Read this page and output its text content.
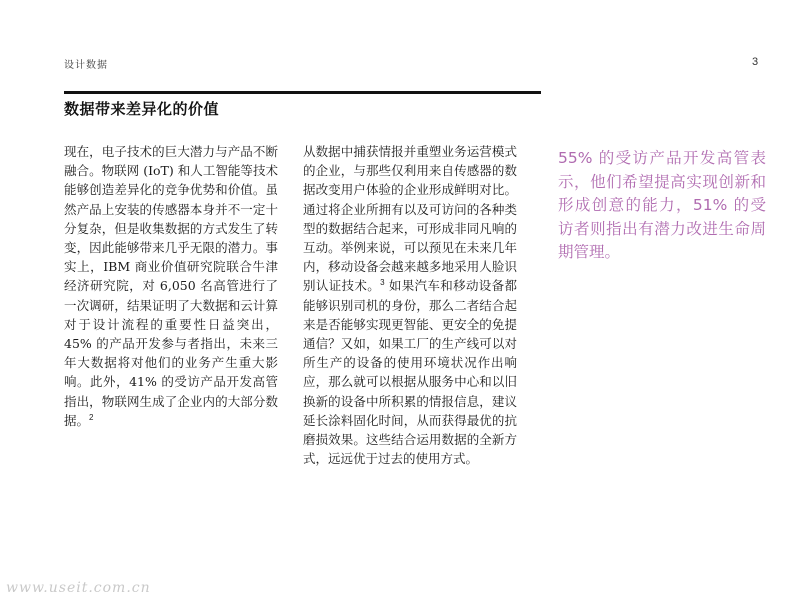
设计数据	3
数据带来差异化的价值
现在，电子技术的巨大潜力与产品不断融合。物联网 (IoT) 和人工智能等技术能够创造差异化的竞争优势和价值。虽然产品上安装的传感器本身并不一定十分复杂，但是收集数据的方式发生了转变，因此能够带来几乎无限的潜力。事实上，IBM 商业价值研究院联合牛津经济研究院，对 6,050 名高管进行了一次调研，结果证明了大数据和云计算对于设计流程的重要性日益突出，45% 的产品开发参与者指出，未来三年大数据将对他们的业务产生重大影响。此外，41% 的受访产品开发高管指出，物联网生成了企业内的大部分数据。$^2$
从数据中捕获情报并重塑业务运营模式的企业，与那些仅利用来自传感器的数据改变用户体验的企业形成鲜明对比。通过将企业所拥有以及可访问的各种类型的数据结合起来，可形成非同凡响的互动。举例来说，可以预见在未来几年内，移动设备会越来越多地采用人脸识别认证技术。$^3$ 如果汽车和移动设备都能够识别司机的身份，那么二者结合起来是否能够实现更智能、更安全的免提通信？又如，如果工厂的生产线可以对所生产的设备的使用环境状况作出响应，那么就可以根据从服务中心和以旧换新的设备中所积累的情报信息，建议延长涂料固化时间，从而获得最优的抗磨损效果。这些结合运用数据的全新方式，远远优于过去的使用方式。
55% 的受访产品开发高管表示，他们希望提高实现创新和形成创意的能力，51% 的受访者则指出有潜力改进生命周期管理。
www.useit.com.cn
